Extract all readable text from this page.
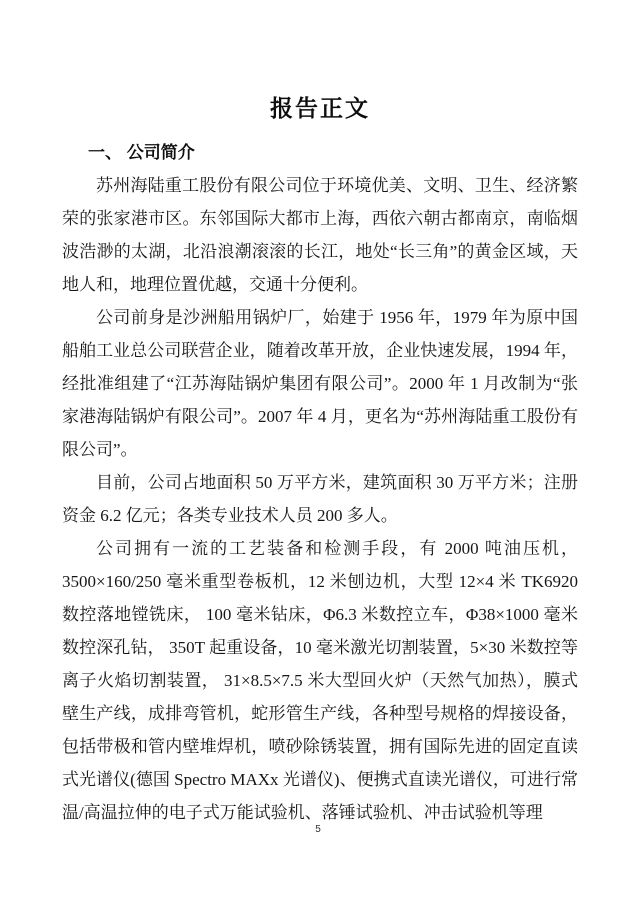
报告正文
一、 公司简介

苏州海陆重工股份有限公司位于环境优美、文明、卫生、经济繁荣的张家港市区。东邻国际大都市上海，西依六朝古都南京，南临烟波浩渺的太湖，北沿浪潮滚滚的长江，地处“长三角”的黄金区域，天地人和，地理位置优越，交通十分便利。

公司前身是沙洲船用锅炉厂，始建于 1956 年，1979 年为原中国船舶工业总公司联营企业，随着改革开放，企业快速发展，1994 年，经批准组建了“江苏海陆锅炉集团有限公司”。2000 年 1 月改制为“张家港海陆锅炉有限公司”。2007 年 4 月，更名为“苏州海陆重工股份有限公司”。

目前，公司占地面积 50 万平方米，建筑面积 30 万平方米；注册资金 6.2 亿元；各类专业技术人员 200 多人。

公司拥有一流的工艺装备和检测手段，有 2000 吨油压机，3500×160/250 毫米重型卷板机，12 米刨边机，大型 12×4 米 TK6920 数控落地镗铣床， 100 毫米钻床，Φ6.3 米数控立车，Φ38×1000 毫米数控深孔钻， 350T 起重设备，10 毫米激光切割装置，5×30 米数控等离子火焰切割装置， 31×8.5×7.5 米大型回火炉（天然气加热），膜式壁生产线，成排弯管机，蛇形管生产线，各种型号规格的焊接设备，包括带极和管内壁堆焊机，喷砂除锈装置，拥有国际先进的固定直读式光谱仪(德国 Spectro MAXx 光谱仪)、便携式直读光谱仪，可进行常温/高温拉伸的电子式万能试验机、落锤试验机、冲击试验机等理

5
